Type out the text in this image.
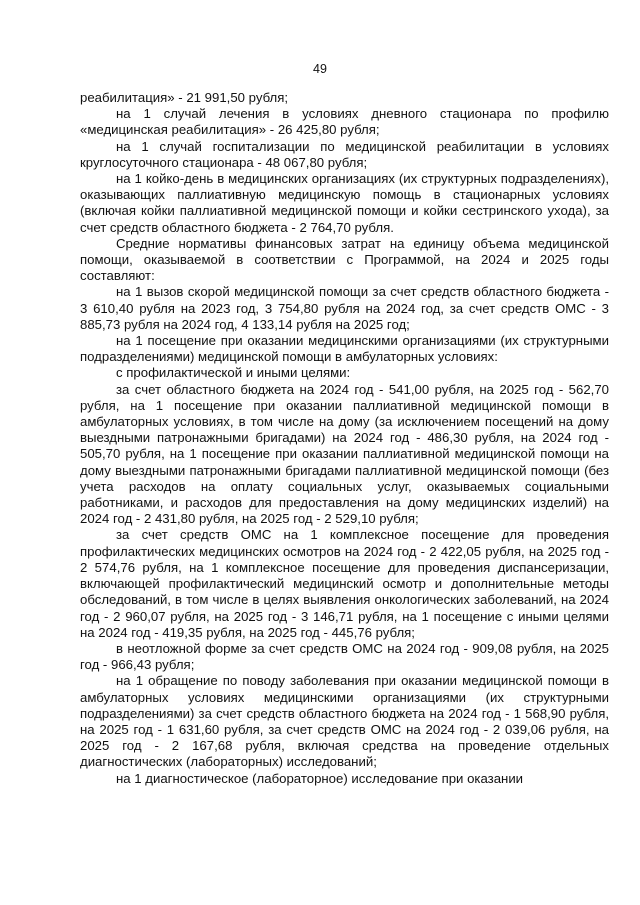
49

реабилитация» - 21 991,50 рубля;

на 1 случай лечения в условиях дневного стационара по профилю «медицинская реабилитация» - 26 425,80 рубля;

на 1 случай госпитализации по медицинской реабилитации в условиях круглосуточного стационара - 48 067,80 рубля;

на 1 койко-день в медицинских организациях (их структурных подразделениях), оказывающих паллиативную медицинскую помощь в стационарных условиях (включая койки паллиативной медицинской помощи и койки сестринского ухода), за счет средств областного бюджета - 2 764,70 рубля.

Средние нормативы финансовых затрат на единицу объема медицинской помощи, оказываемой в соответствии с Программой, на 2024 и 2025 годы составляют:

на 1 вызов скорой медицинской помощи за счет средств областного бюджета - 3 610,40 рубля на 2023 год, 3 754,80 рубля на 2024 год, за счет средств ОМС - 3 885,73 рубля на 2024 год, 4 133,14 рубля на 2025 год;

на 1 посещение при оказании медицинскими организациями (их структурными подразделениями) медицинской помощи в амбулаторных условиях:

с профилактической и иными целями:

за счет областного бюджета на 2024 год - 541,00 рубля, на 2025 год - 562,70 рубля, на 1 посещение при оказании паллиативной медицинской помощи в амбулаторных условиях, в том числе на дому (за исключением посещений на дому выездными патронажными бригадами) на 2024 год - 486,30 рубля, на 2024 год - 505,70 рубля, на 1 посещение при оказании паллиативной медицинской помощи на дому выездными патронажными бригадами паллиативной медицинской помощи (без учета расходов на оплату социальных услуг, оказываемых социальными работниками, и расходов для предоставления на дому медицинских изделий) на 2024 год - 2 431,80 рубля, на 2025 год - 2 529,10 рубля;

за счет средств ОМС на 1 комплексное посещение для проведения профилактических медицинских осмотров на 2024 год - 2 422,05 рубля, на 2025 год - 2 574,76 рубля, на 1 комплексное посещение для проведения диспансеризации, включающей профилактический медицинский осмотр и дополнительные методы обследований, в том числе в целях выявления онкологических заболеваний, на 2024 год - 2 960,07 рубля, на 2025 год - 3 146,71 рубля, на 1 посещение с иными целями на 2024 год - 419,35 рубля, на 2025 год - 445,76 рубля;

в неотложной форме за счет средств ОМС на 2024 год - 909,08 рубля, на 2025 год - 966,43 рубля;

на 1 обращение по поводу заболевания при оказании медицинской помощи в амбулаторных условиях медицинскими организациями (их структурными подразделениями) за счет средств областного бюджета на 2024 год - 1 568,90 рубля, на 2025 год - 1 631,60 рубля, за счет средств ОМС на 2024 год - 2 039,06 рубля, на 2025 год - 2 167,68 рубля, включая средства на проведение отдельных диагностических (лабораторных) исследований;

на 1 диагностическое (лабораторное) исследование при оказании
